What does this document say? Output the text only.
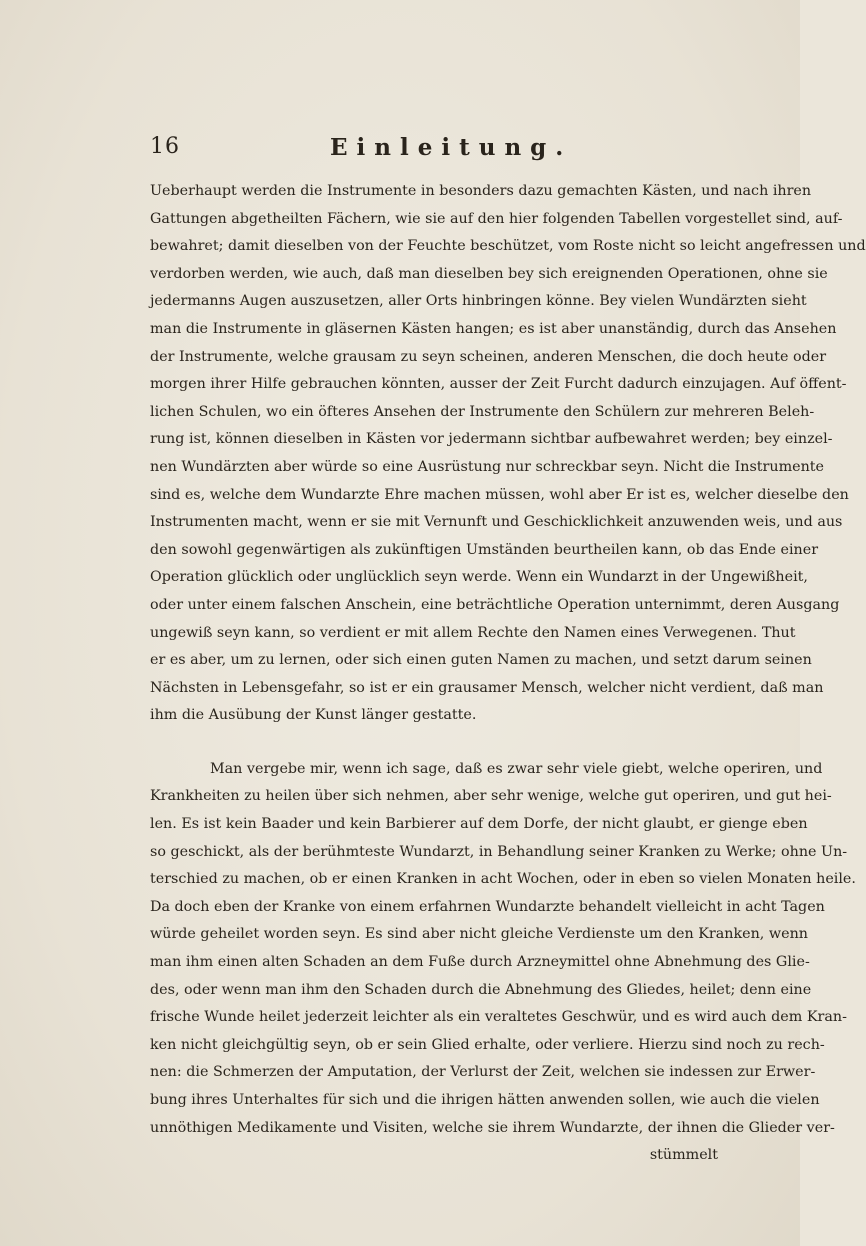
16	Einleitung.
Ueberhaupt werden die Instrumente in besonders dazu gemachten Kästen, und nach ihren
Gattungen abgetheilten Fächern, wie sie auf den hier folgenden Tabellen vorgestellet sind, auf-
bewahret; damit dieselben von der Feuchte beschützet, vom Roste nicht so leicht angefressen und
verdorben werden, wie auch, daß man dieselben bey sich ereignenden Operationen, ohne sie
jedermanns Augen auszusetzen, aller Orts hinbringen könne. Bey vielen Wundärzten sieht
man die Instrumente in gläsernen Kästen hangen; es ist aber unanständig, durch das Ansehen
der Instrumente, welche grausam zu seyn scheinen, anderen Menschen, die doch heute oder
morgen ihrer Hilfe gebrauchen könnten, ausser der Zeit Furcht dadurch einzujagen. Auf öffent-
lichen Schulen, wo ein öfteres Ansehen der Instrumente den Schülern zur mehreren Beleh-
rung ist, können dieselben in Kästen vor jedermann sichtbar aufbewahret werden; bey einzel-
nen Wundärzten aber würde so eine Ausrüstung nur schreckbar seyn. Nicht die Instrumente
sind es, welche dem Wundarzte Ehre machen müssen, wohl aber Er ist es, welcher dieselbe den
Instrumenten macht, wenn er sie mit Vernunft und Geschicklichkeit anzuwenden weis, und aus
den sowohl gegenwärtigen als zukünftigen Umständen beurtheilen kann, ob das Ende einer
Operation glücklich oder unglücklich seyn werde. Wenn ein Wundarzt in der Ungewißheit,
oder unter einem falschen Anschein, eine beträchtliche Operation unternimmt, deren Ausgang
ungewiß seyn kann, so verdient er mit allem Rechte den Namen eines Verwegenen. Thut
er es aber, um zu lernen, oder sich einen guten Namen zu machen, und setzt darum seinen
Nächsten in Lebensgefahr, so ist er ein grausamer Mensch, welcher nicht verdient, daß man
ihm die Ausübung der Kunst länger gestatte.
Man vergebe mir, wenn ich sage, daß es zwar sehr viele giebt, welche operiren, und
Krankheiten zu heilen über sich nehmen, aber sehr wenige, welche gut operiren, und gut hei-
len. Es ist kein Baader und kein Barbierer auf dem Dorfe, der nicht glaubt, er gienge eben
so geschickt, als der berühmteste Wundarzt, in Behandlung seiner Kranken zu Werke; ohne Un-
terschied zu machen, ob er einen Kranken in acht Wochen, oder in eben so vielen Monaten heile.
Da doch eben der Kranke von einem erfahrnen Wundarzte behandelt vielleicht in acht Tagen
würde geheilet worden seyn. Es sind aber nicht gleiche Verdienste um den Kranken, wenn
man ihm einen alten Schaden an dem Fuße durch Arzneymittel ohne Abnehmung des Glie-
des, oder wenn man ihm den Schaden durch die Abnehmung des Gliedes, heilet; denn eine
frische Wunde heilet jederzeit leichter als ein veraltetes Geschwür, und es wird auch dem Kran-
ken nicht gleichgültig seyn, ob er sein Glied erhalte, oder verliere. Hierzu sind noch zu rech-
nen: die Schmerzen der Amputation, der Verlurst der Zeit, welchen sie indessen zur Erwer-
bung ihres Unterhaltes für sich und die ihrigen hätten anwenden sollen, wie auch die vielen
unnöthigen Medikamente und Visiten, welche sie ihrem Wundarzte, der ihnen die Glieder ver-
stümmelt
